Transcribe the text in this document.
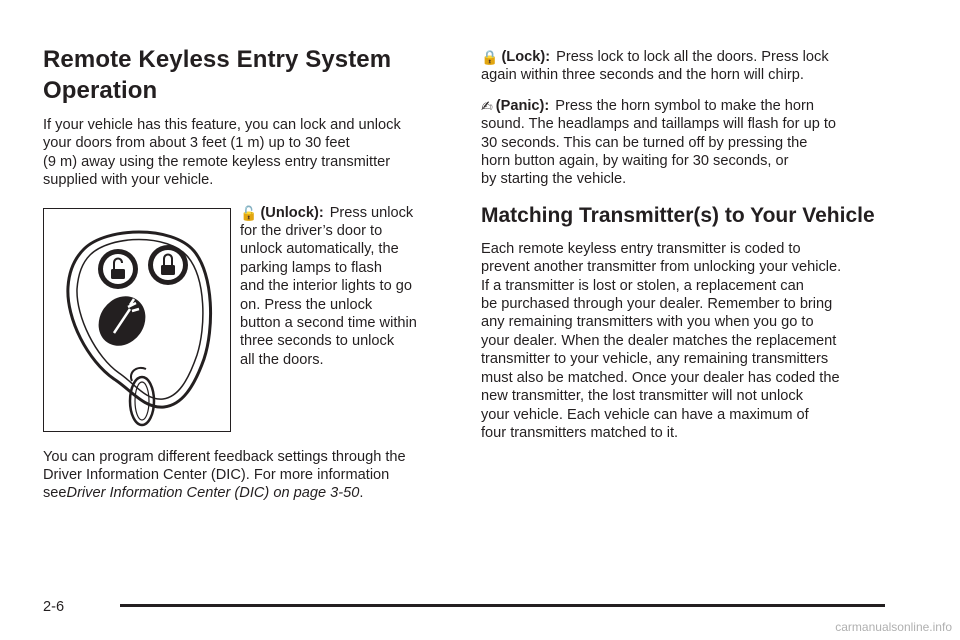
Remote Keyless Entry System Operation

If your vehicle has this feature, you can lock and unlock
your doors from about 3 feet (1 m) up to 30 feet
(9 m) away using the remote keyless entry transmitter
supplied with your vehicle.

🔓 (Unlock): Press unlock
for the driver’s door to
unlock automatically, the
parking lamps to flash
and the interior lights to go
on. Press the unlock
button a second time within
three seconds to unlock
all the doors.

You can program different feedback settings through the
Driver Information Center (DIC). For more information
seeDriver Information Center (DIC) on page 3-50.

🔒 (Lock): Press lock to lock all the doors. Press lock
again within three seconds and the horn will chirp.

✍ (Panic): Press the horn symbol to make the horn
sound. The headlamps and taillamps will flash for up to
30 seconds. This can be turned off by pressing the
horn button again, by waiting for 30 seconds, or
by starting the vehicle.

Matching Transmitter(s) to Your Vehicle

Each remote keyless entry transmitter is coded to
prevent another transmitter from unlocking your vehicle.
If a transmitter is lost or stolen, a replacement can
be purchased through your dealer. Remember to bring
any remaining transmitters with you when you go to
your dealer. When the dealer matches the replacement
transmitter to your vehicle, any remaining transmitters
must also be matched. Once your dealer has coded the
new transmitter, the lost transmitter will not unlock
your vehicle. Each vehicle can have a maximum of
four transmitters matched to it.

2-6
carmanualsonline.info
